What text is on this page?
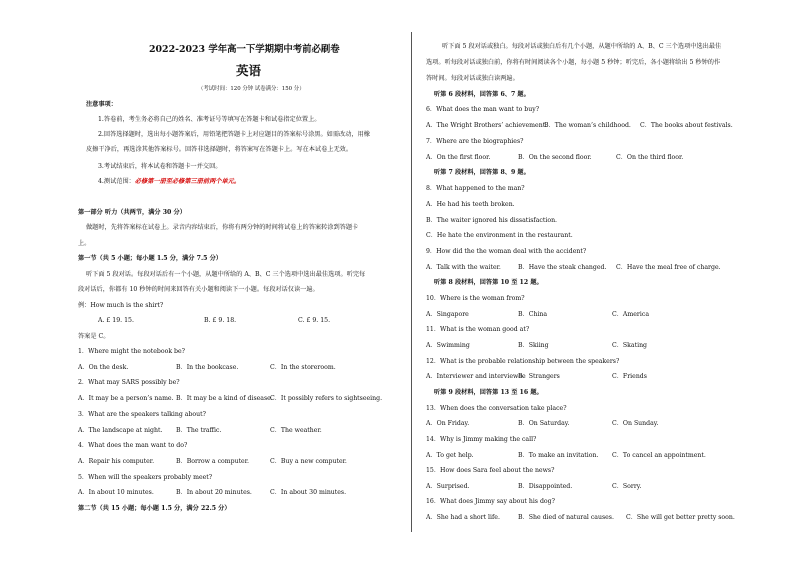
2022-2023 学年高一下学期期中考前必刷卷
英语
（考试时间：120 分钟 试卷满分：150 分）
注意事项：
1.答卷前，考生务必将自己的姓名、准考证号等填写在答题卡和试卷指定位置上。
2.回答选择题时，选出每小题答案后，用铅笔把答题卡上对应题目的答案标号涂黑。如需改动，用橡
皮擦干净后，再选涂其他答案标号。回答非选择题时，将答案写在答题卡上。写在本试卷上无效。
3.考试结束后，将本试卷和答题卡一并交回。
4.测试范围：必修第一册至必修第三册前两个单元。
第一部分 听力（共两节，满分 30 分）
做题时，先将答案标在试卷上。录音内容结束后，你将有两分钟的时间将试卷上的答案转涂到答题卡
上。
第一节（共 5 小题；每小题 1.5 分，满分 7.5 分）
听下面 5 段对话。每段对话后有一个小题，从题中所给的 A、B、C 三个选项中选出最佳选项。听完每
段对话后，你都有 10 秒钟的时间来回答有关小题和阅读下一小题。每段对话仅读一遍。
例：How much is the shirt?
A. £ 19. 15.	B. £ 9. 18.	C. £ 9. 15.
答案是 C。
1．Where might the notebook be?
A．On the desk.	B．In the bookcase.	C．In the storeroom.
2．What may SARS possibly be?
A．It may be a person’s name. B．It may be a kind of disease.
C．It possibly refers to sightseeing.
3．What are the speakers talking about?
A．The landscape at night. B．The traffic.	C．The weather.
4．What does the man want to do?
A．Repair his computer.	B．Borrow a computer.	C．Buy a new computer.
5．When will the speakers probably meet?
A．In about 10 minutes.	B．In about 20 minutes.	C．In about 30 minutes.
第二节（共 15 小题；每小题 1.5 分，满分 22.5 分）
听下面 5 段对话或独白。每段对话或独白后有几个小题，从题中所给的 A、B、C 三个选项中选出最佳
选项。听每段对话或独白前，你将有时间阅读各个小题，每小题 5 秒钟；听完后，各小题将给出 5 秒钟的作
答时间。每段对话或独白读两遍。
听第 6 段材料，回答第 6、7 题。
6．What does the man want to buy?
A．The Wright Brothers’ achievement.
B．The woman’s childhood. C．The books about festivals.
7．Where are the biographies?
A．On the first floor.	B．On the second floor.	C．On the third floor.
听第 7 段材料，回答第 8、9 题。
8．What happened to the man?
A．He had his teeth broken.
B．The waiter ignored his dissatisfaction.
C．He hate the environment in the restaurant.
9．How did the the woman deal with the accident?
A．Talk with the waiter.	B．Have the steak changed. C．Have the meal free of charge.
听第 8 段材料，回答第 10 至 12 题。
10．Where is the woman from?
A．Singapore	B．China	C．America
11．What is the woman good at?
A．Swimming	B．Skiing	C．Skating
12．What is the probable relationship between the speakers?
A．Interviewer and interviewee
B．Strangers	C．Friends
听第 9 段材料，回答第 13 至 16 题。
13．When does the conversation take place?
A．On Friday.	B．On Saturday.	C．On Sunday.
14．Why is Jimmy making the call?
A．To get help.	B．To make an invitation. C．To cancel an appointment.
15．How does Sara feel about the news?
A．Surprised.	B．Disappointed.	C．Sorry.
16．What does Jimmy say about his dog?
A．She had a short life.	B．She died of natural causes. C．She will get better pretty soon.
